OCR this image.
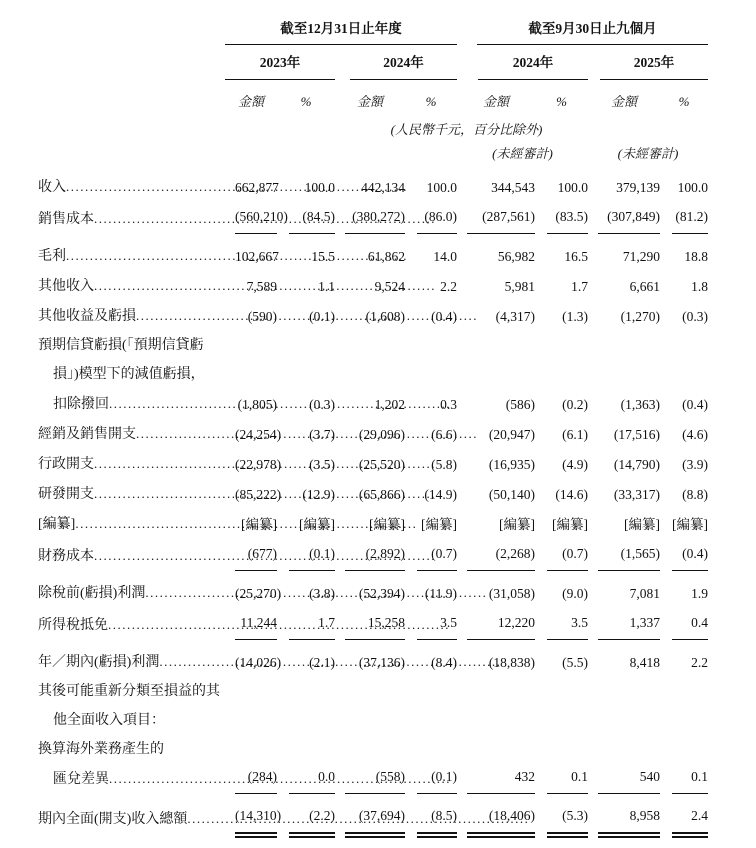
	截至12月31日止年度				截至9月30日止九個月			

	2023年		2024年		2024年		2025年	

	金額	%	金額	%	金額	%	金額	%
	(人民幣千元，百分比除外)							
					(未經審計)		(未經審計)	

收入
.....	662,877	100.0	442,134	100.0	344,543	100.0	379,139	100.0

銷售成本
.....	(560,210)	(84.5)	(380,272)	(86.0)	(287,561)	(83.5)	(307,849)	(81.2)

毛利
.....	102,667	15.5	61,862	14.0	56,982	16.5	71,290	18.8

其他收入
.....	7,589	1.1	9,524	2.2	5,981	1.7	6,661	1.8

其他收益及虧損
.....	(590)	(0.1)	(1,608)	(0.4)	(4,317)	(1.3)	(1,270)	(0.3)

預期信貸虧損(「預期信貸虧
損」)模型下的減值虧損，
扣除撥回
.....	(1,805)	(0.3)	1,202	0.3	(586)	(0.2)	(1,363)	(0.4)

經銷及銷售開支
.....	(24,254)	(3.7)	(29,096)	(6.6)	(20,947)	(6.1)	(17,516)	(4.6)

行政開支
.....	(22,978)	(3.5)	(25,520)	(5.8)	(16,935)	(4.9)	(14,790)	(3.9)

研發開支
.....	(85,222)	(12.9)	(65,866)	(14.9)	(50,140)	(14.6)	(33,317)	(8.8)

[編纂]
.....	[編纂]	[編纂]	[編纂]	[編纂]	[編纂]	[編纂]	[編纂]	[編纂]

財務成本
.....	(677)	(0.1)	(2,892)	(0.7)	(2,268)	(0.7)	(1,565)	(0.4)

除稅前(虧損)利潤
.....	(25,270)	(3.8)	(52,394)	(11.9)	(31,058)	(9.0)	7,081	1.9

所得稅抵免
.....	11,244	1.7	15,258	3.5	12,220	3.5	1,337	0.4

年／期內(虧損)利潤
.....	(14,026)	(2.1)	(37,136)	(8.4)	(18,838)	(5.5)	8,418	2.2

其後可能重新分類至損益的其
他全面收入項目：								

換算海外業務產生的
匯兌差異
.....	(284)	0.0	(558)	(0.1)	432	0.1	540	0.1

期內全面(開支)收入總額
.....	(14,310)	(2.2)	(37,694)	(8.5)	(18,406)	(5.3)	8,958	2.4
